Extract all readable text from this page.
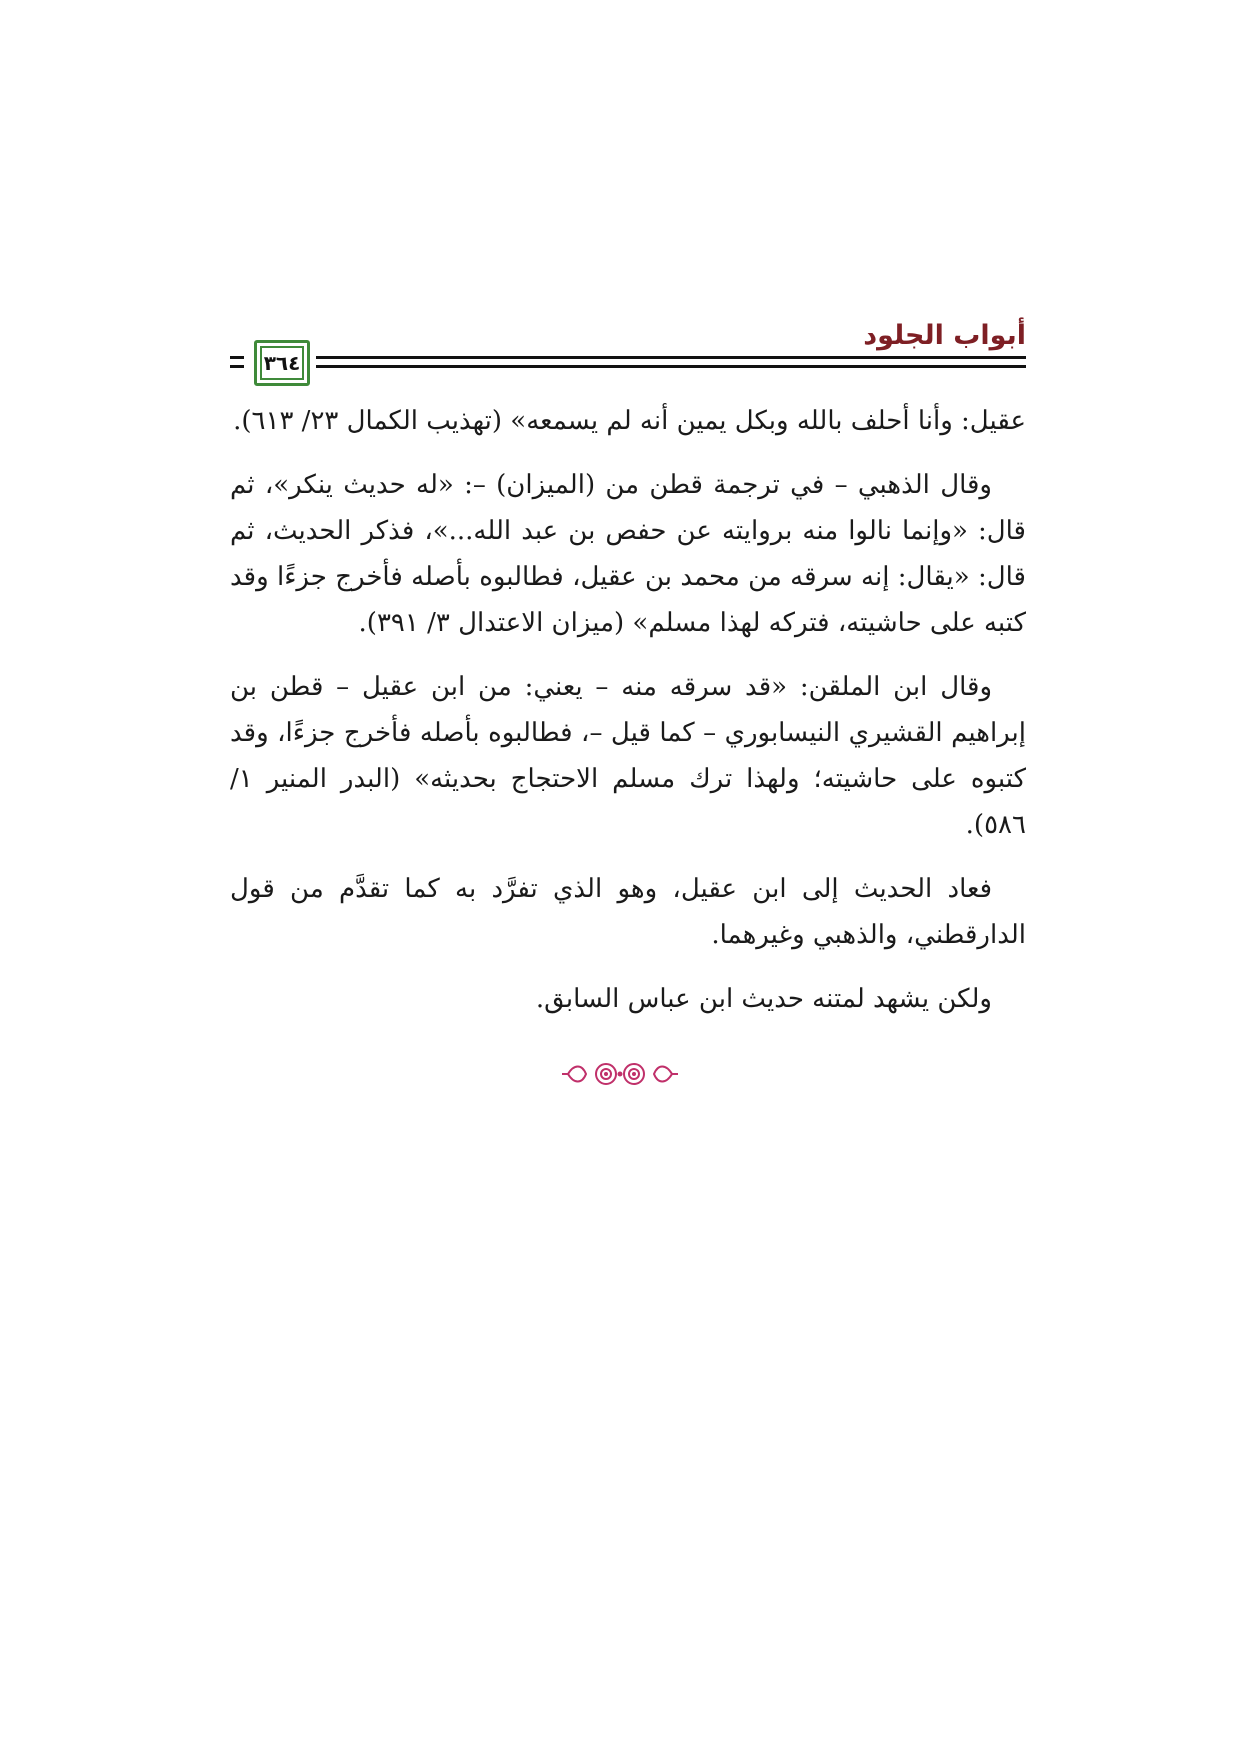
أبواب الجلود
٣٦٤

عقيل: وأنا أحلف بالله وبكل يمين أنه لم يسمعه» (تهذيب الكمال ٢٣/ ٦١٣).

وقال الذهبي – في ترجمة قطن من (الميزان) –: «له حديث ينكر»، ثم قال: «وإنما نالوا منه بروايته عن حفص بن عبد الله...»، فذكر الحديث، ثم قال: «يقال: إنه سرقه من محمد بن عقيل، فطالبوه بأصله فأخرج جزءًا وقد كتبه على حاشيته، فتركه لهذا مسلم» (ميزان الاعتدال ٣/ ٣٩١).

وقال ابن الملقن: «قد سرقه منه – يعني: من ابن عقيل – قطن بن إبراهيم القشيري النيسابوري – كما قيل –، فطالبوه بأصله فأخرج جزءًا، وقد كتبوه على حاشيته؛ ولهذا ترك مسلم الاحتجاج بحديثه» (البدر المنير ١/ ٥٨٦).

فعاد الحديث إلى ابن عقيل، وهو الذي تفرَّد به كما تقدَّم من قول الدارقطني، والذهبي وغيرهما.

ولكن يشهد لمتنه حديث ابن عباس السابق.
